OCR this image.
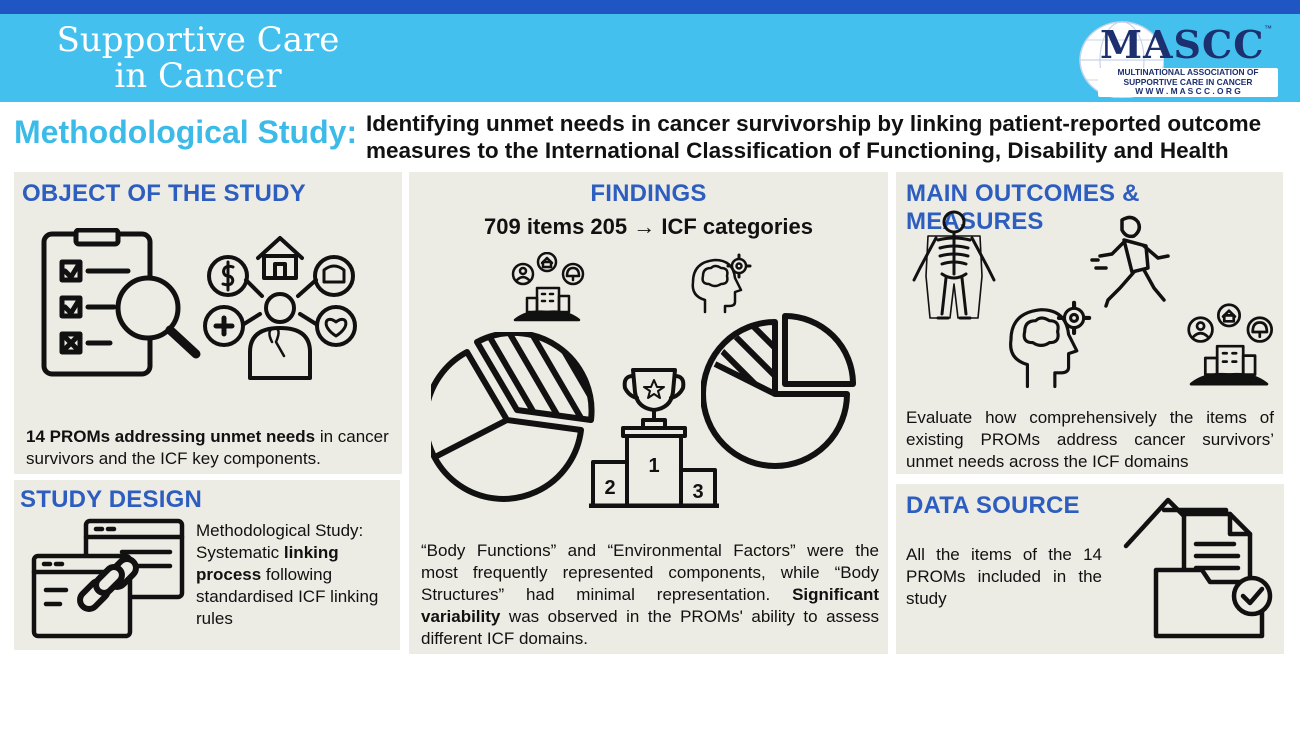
Supportive Care in Cancer
MASCC ™
MULTINATIONAL ASSOCIATION OF
SUPPORTIVE CARE IN CANCER
W W W . M A S C C . O R G
Methodological Study: Identifying unmet needs in cancer survivorship by linking patient-reported outcome measures to the International Classification of Functioning, Disability and Health
OBJECT OF THE STUDY
14 PROMs addressing unmet needs in cancer survivors and the ICF key components.
STUDY DESIGN
Methodological Study: Systematic linking process following standardised ICF linking rules
FINDINGS
709 items 205 → ICF categories
1
2	3
“Body Functions” and “Environmental Factors” were the most frequently represented components, while “Body Structures” had minimal representation. Significant variability was observed in the PROMs' ability to assess different ICF domains.
MAIN OUTCOMES & MEASURES
Evaluate how comprehensively the items of existing PROMs address cancer survivors’ unmet needs across the ICF domains
DATA SOURCE
All the items of the 14 PROMs included in the study
